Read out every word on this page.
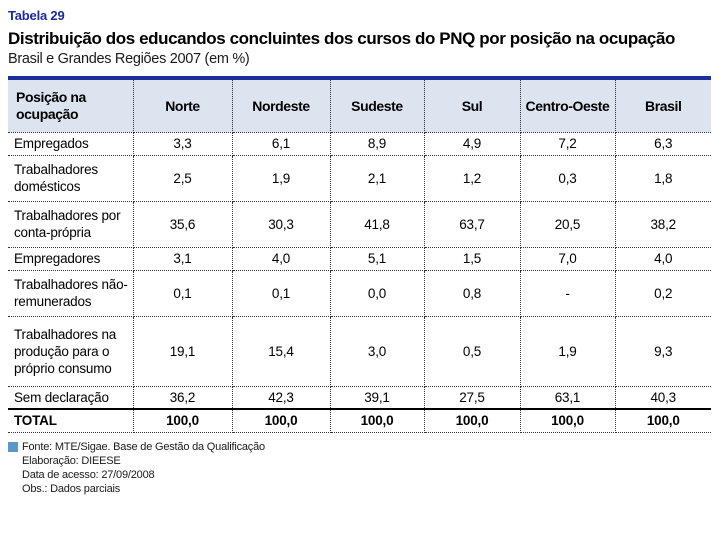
Tabela 29
Distribuição dos educandos concluintes dos cursos do PNQ por posição na ocupação
Brasil e Grandes Regiões 2007 (em %)
Posição na ocupação	Norte	Nordeste	Sudeste	Sul	Centro-Oeste	Brasil
Empregados	3,3	6,1	8,9	4,9	7,2	6,3
Trabalhadores domésticos	2,5	1,9	2,1	1,2	0,3	1,8
Trabalhadores por conta-própria	35,6	30,3	41,8	63,7	20,5	38,2
Empregadores	3,1	4,0	5,1	1,5	7,0	4,0
Trabalhadores não-remunerados	0,1	0,1	0,0	0,8	-	0,2
Trabalhadores na produção para o próprio consumo	19,1	15,4	3,0	0,5	1,9	9,3
Sem declaração	36,2	42,3	39,1	27,5	63,1	40,3
TOTAL	100,0	100,0	100,0	100,0	100,0	100,0
Fonte: MTE/Sigae. Base de Gestão da Qualificação
Elaboração: DIEESE
Data de acesso: 27/09/2008
Obs.: Dados parciais
